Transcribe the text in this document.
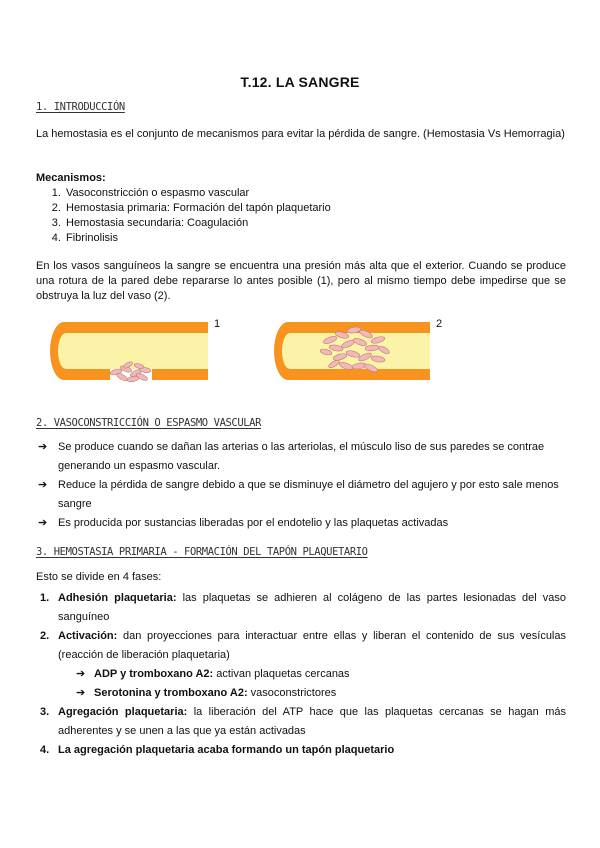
T.12. LA SANGRE
1. INTRODUCCIÓN
La hemostasia es el conjunto de mecanismos para evitar la pérdida de sangre. (Hemostasia Vs Hemorragia)
Mecanismos:
1. Vasoconstricción o espasmo vascular
2. Hemostasia primaria: Formación del tapón plaquetario
3. Hemostasia secundaria: Coagulación
4. Fibrinolisis
En los vasos sanguíneos la sangre se encuentra una presión más alta que el exterior. Cuando se produce una rotura de la pared debe repararse lo antes posible (1), pero al mismo tiempo debe impedirse que se obstruya la luz del vaso (2).
1	2
2. VASOCONSTRICCIÓN O ESPASMO VASCULAR
➔ Se produce cuando se dañan las arterias o las arteriolas, el músculo liso de sus paredes se contrae generando un espasmo vascular.
➔ Reduce la pérdida de sangre debido a que se disminuye el diámetro del agujero y por esto sale menos sangre
➔ Es producida por sustancias liberadas por el endotelio y las plaquetas activadas
3. HEMOSTASIA PRIMARIA - FORMACIÓN DEL TAPÓN PLAQUETARIO
Esto se divide en 4 fases:
1. Adhesión plaquetaria: las plaquetas se adhieren al colágeno de las partes lesionadas del vaso sanguíneo
2. Activación: dan proyecciones para interactuar entre ellas y liberan el contenido de sus vesículas (reacción de liberación plaquetaria)
➔ ADP y tromboxano A2: activan plaquetas cercanas
➔ Serotonina y tromboxano A2: vasoconstrictores
3. Agregación plaquetaria: la liberación del ATP hace que las plaquetas cercanas se hagan más adherentes y se unen a las que ya están activadas
4. La agregación plaquetaria acaba formando un tapón plaquetario
